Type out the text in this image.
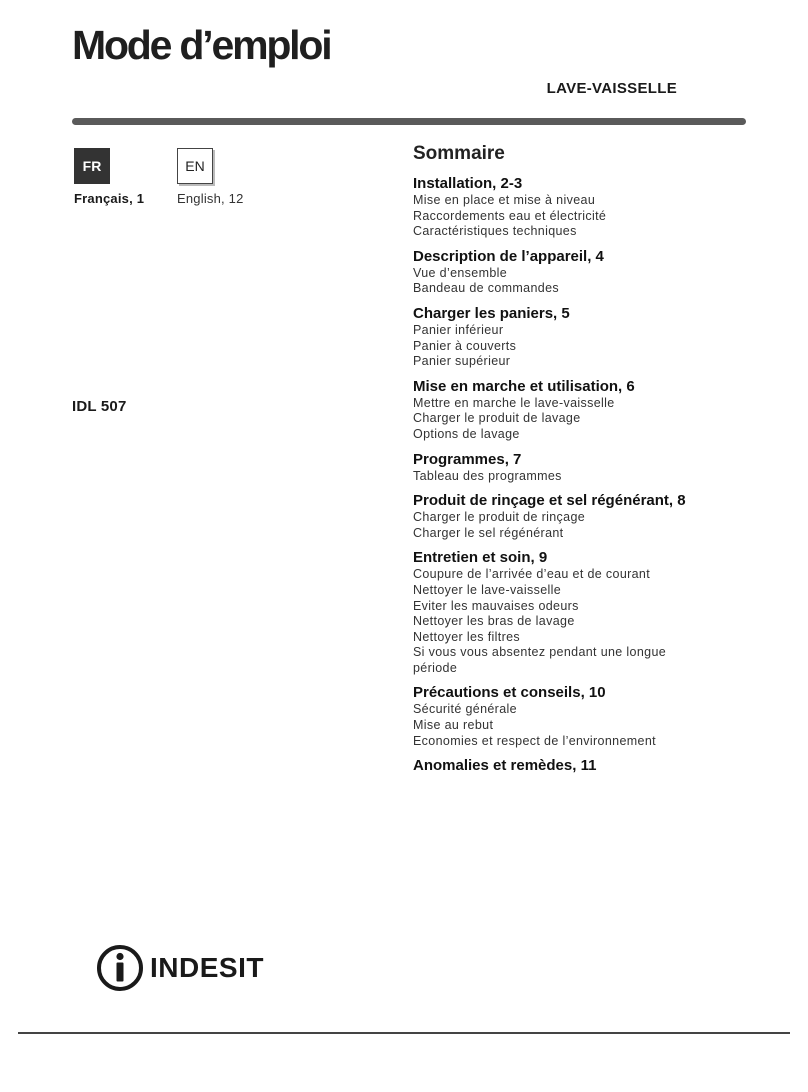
Mode d’emploi
LAVE-VAISSELLE
FR
Français, 1
EN
English, 12
IDL 507
Sommaire
Installation, 2-3
Mise en place et mise à niveau
Raccordements eau et électricité
Caractéristiques techniques
Description de l’appareil, 4
Vue d’ensemble
Bandeau de commandes
Charger les paniers, 5
Panier inférieur
Panier à couverts
Panier supérieur
Mise en marche et utilisation, 6
Mettre en marche le lave-vaisselle
Charger le produit de lavage
Options de lavage
Programmes, 7
Tableau des programmes
Produit de rinçage et sel régénérant, 8
Charger le produit de rinçage
Charger le sel régénérant
Entretien et soin, 9
Coupure de l’arrivée d’eau et de courant
Nettoyer le lave-vaisselle
Eviter les mauvaises odeurs
Nettoyer les bras de lavage
Nettoyer les filtres
Si vous vous absentez pendant une longue
période
Précautions et conseils, 10
Sécurité générale
Mise au rebut
Economies et respect de l’environnement
Anomalies et remèdes, 11
INDESIT
